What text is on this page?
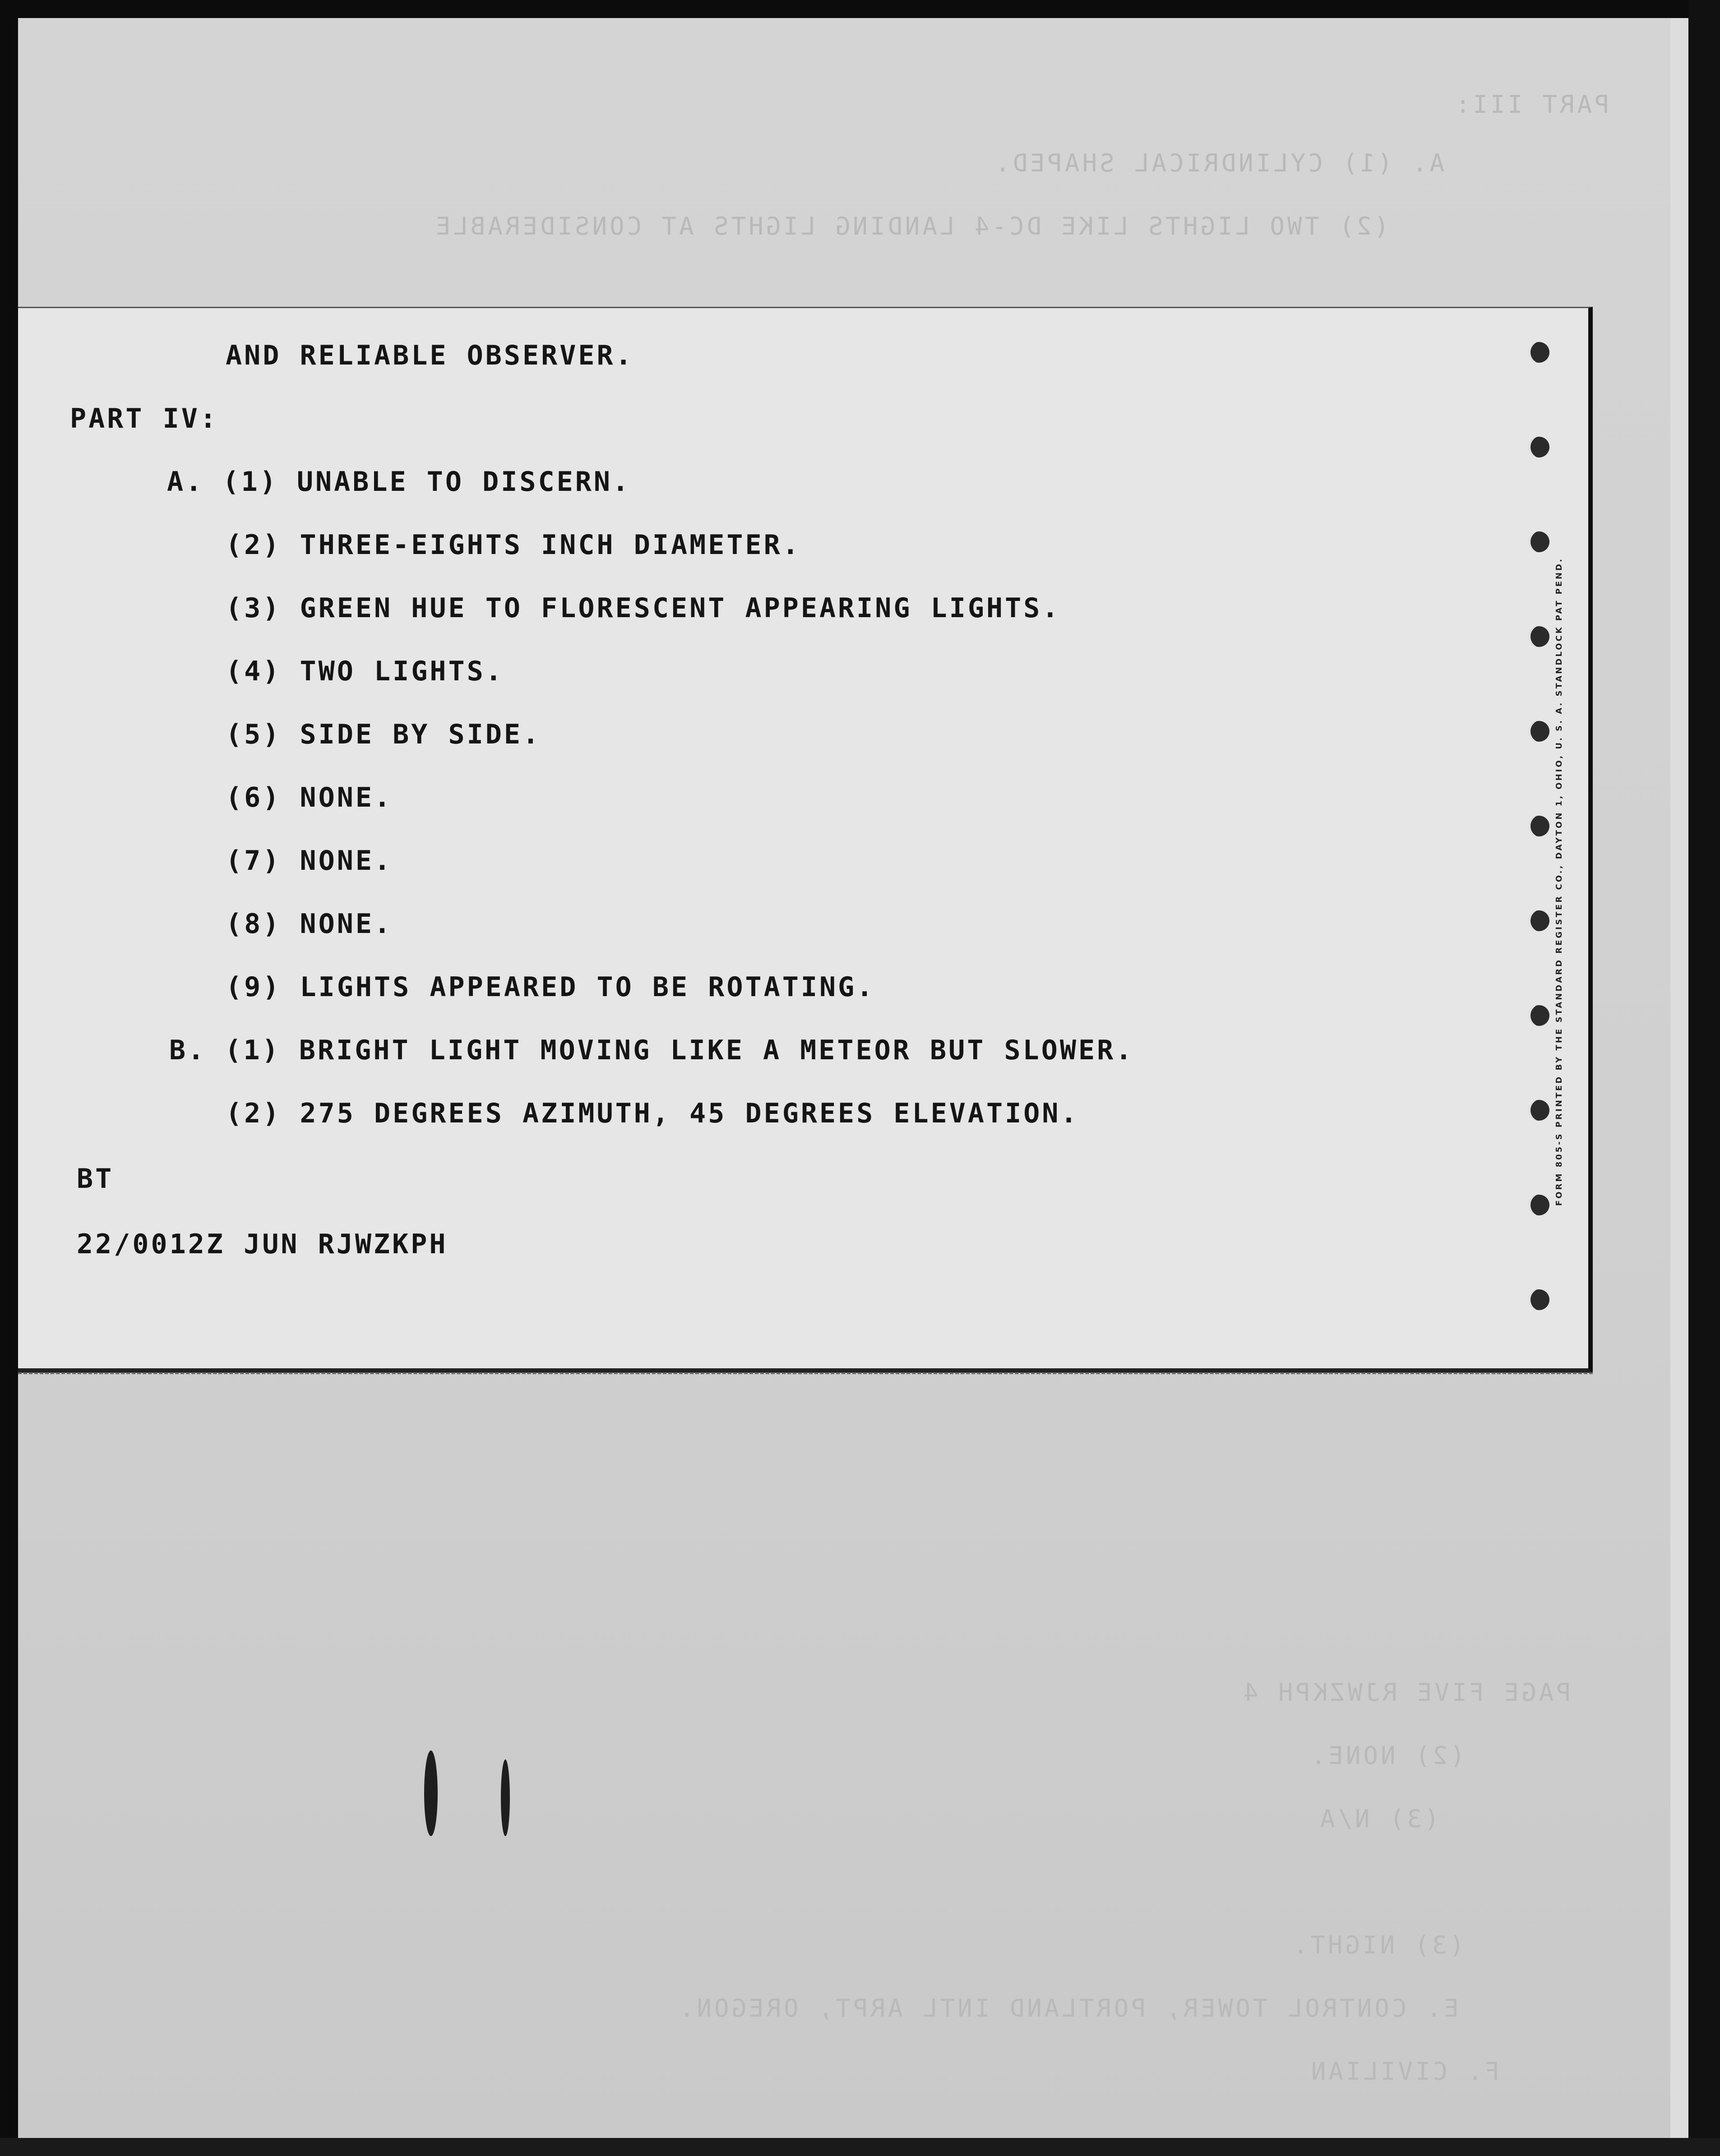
PART III:
A. (1) CYLINDRICAL SHAPED.
(2) TWO LIGHTS LIKE DC-4 LANDING LIGHTS AT CONSIDERABLE
PAGE FIVE RJWZKPH 4
(2) NONE.
(3) N/A
(3) NIGHT.
E. CONTROL TOWER, PORTLAND INTL ARPT, OREGON.
F. CIVILIAN

AND RELIABLE OBSERVER.

PART IV:

A. (1) UNABLE TO DISCERN.

(2) THREE-EIGHTS INCH DIAMETER.

(3) GREEN HUE TO FLORESCENT APPEARING LIGHTS.

(4) TWO LIGHTS.

(5) SIDE BY SIDE.

(6) NONE.

(7) NONE.

(8) NONE.

(9) LIGHTS APPEARED TO BE ROTATING.

B. (1) BRIGHT LIGHT MOVING LIKE A METEOR BUT SLOWER.

(2) 275 DEGREES AZIMUTH, 45 DEGREES ELEVATION.

BT

22/0012Z JUN RJWZKPH

FORM 805-S PRINTED BY THE STANDARD REGISTER CO., DAYTON 1, OHIO, U. S. A. STANDLOCK PAT PEND.
